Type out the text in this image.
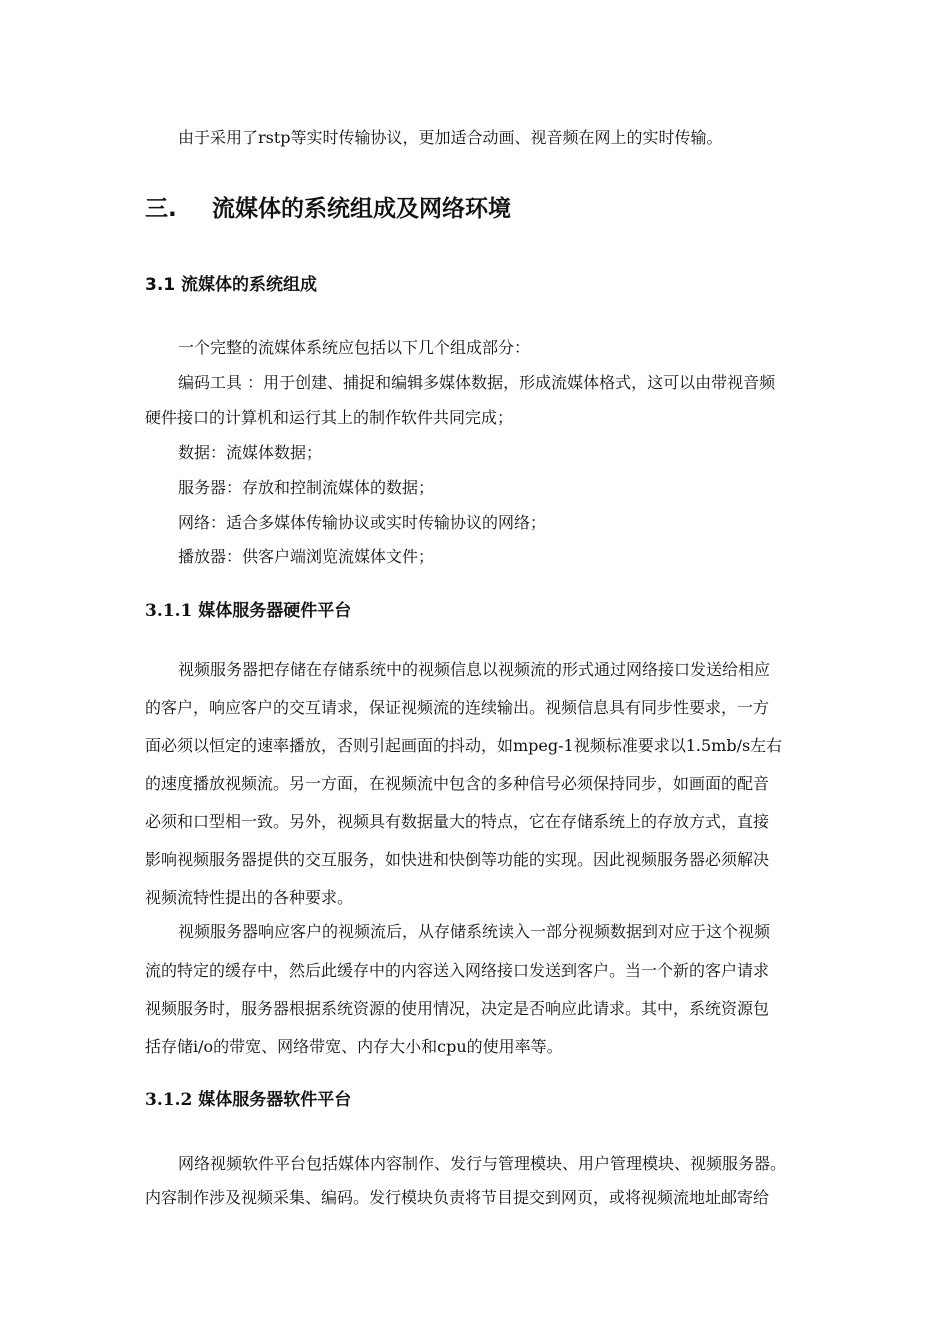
由于采用了rstp等实时传输协议，更加适合动画、视音频在网上的实时传输。

三. 流媒体的系统组成及网络环境
3.1 流媒体的系统组成

一个完整的流媒体系统应包括以下几个组成部分：

编码工具 ：用于创建、捕捉和编辑多媒体数据，形成流媒体格式，这可以由带视音频

硬件接口的计算机和运行其上的制作软件共同完成；

数据：流媒体数据；

服务器：存放和控制流媒体的数据；

网络：适合多媒体传输协议或实时传输协议的网络；

播放器：供客户端浏览流媒体文件；

3.1.1 媒体服务器硬件平台

视频服务器把存储在存储系统中的视频信息以视频流的形式通过网络接口发送给相应

的客户，响应客户的交互请求，保证视频流的连续输出。视频信息具有同步性要求，一方

面必须以恒定的速率播放，否则引起画面的抖动，如mpeg-1视频标准要求以1.5mb/s左右

的速度播放视频流。另一方面，在视频流中包含的多种信号必须保持同步，如画面的配音

必须和口型相一致。另外，视频具有数据量大的特点，它在存储系统上的存放方式，直接

影响视频服务器提供的交互服务，如快进和快倒等功能的实现。因此视频服务器必须解决

视频流特性提出的各种要求。

视频服务器响应客户的视频流后，从存储系统读入一部分视频数据到对应于这个视频

流的特定的缓存中，然后此缓存中的内容送入网络接口发送到客户。当一个新的客户请求

视频服务时，服务器根据系统资源的使用情况，决定是否响应此请求。其中，系统资源包

括存储i/o的带宽、网络带宽、内存大小和cpu的使用率等。

3.1.2 媒体服务器软件平台

网络视频软件平台包括媒体内容制作、发行与管理模块、用户管理模块、视频服务器。

内容制作涉及视频采集、编码。发行模块负责将节目提交到网页，或将视频流地址邮寄给
